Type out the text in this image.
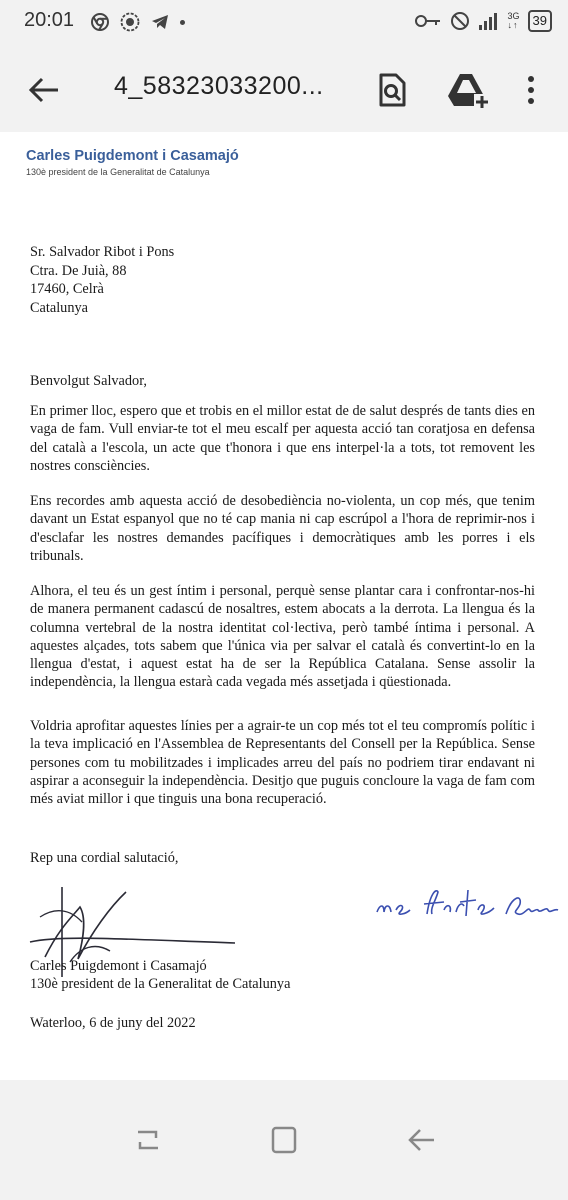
20:01	3G
↓↑	39
4_58323033200...
Carles Puigdemont i Casamajó
130è president de la Generalitat de Catalunya
Sr. Salvador Ribot i Pons
Ctra. De Juià, 88
17460, Celrà
Catalunya
Benvolgut Salvador,
En primer lloc, espero que et trobis en el millor estat de de salut després de tants dies en vaga de fam. Vull enviar-te tot el meu escalf per aquesta acció tan coratjosa en defensa del català a l'escola, un acte que t'honora i que ens interpel·la a tots, tot removent les nostres consciències.
Ens recordes amb aquesta acció de desobediència no-violenta, un cop més, que tenim davant un Estat espanyol que no té cap mania ni cap escrúpol a l'hora de reprimir-nos i d'esclafar les nostres demandes pacífiques i democràtiques amb les porres i els tribunals.
Alhora, el teu és un gest íntim i personal, perquè sense plantar cara i confrontar-nos-hi de manera permanent cadascú de nosaltres, estem abocats a la derrota. La llengua és la columna vertebral de la nostra identitat col·lectiva, però també íntima i personal. A aquestes alçades, tots sabem que l'única via per salvar el català és convertint-lo en la llengua d'estat, i aquest estat ha de ser la República Catalana. Sense assolir la independència, la llengua estarà cada vegada més assetjada i qüestionada.
Voldria aprofitar aquestes línies per a agrair-te un cop més tot el teu compromís polític i la teva implicació en l'Assemblea de Representants del Consell per la República. Sense persones com tu mobilitzades i implicades arreu del país no podriem tirar endavant ni aspirar a aconseguir la independència. Desitjo que puguis concloure la vaga de fam com més aviat millor i que tinguis una bona recuperació.
Rep una cordial salutació,
Carles Puigdemont i Casamajó
130è president de la Generalitat de Catalunya
Waterloo, 6 de juny del 2022
